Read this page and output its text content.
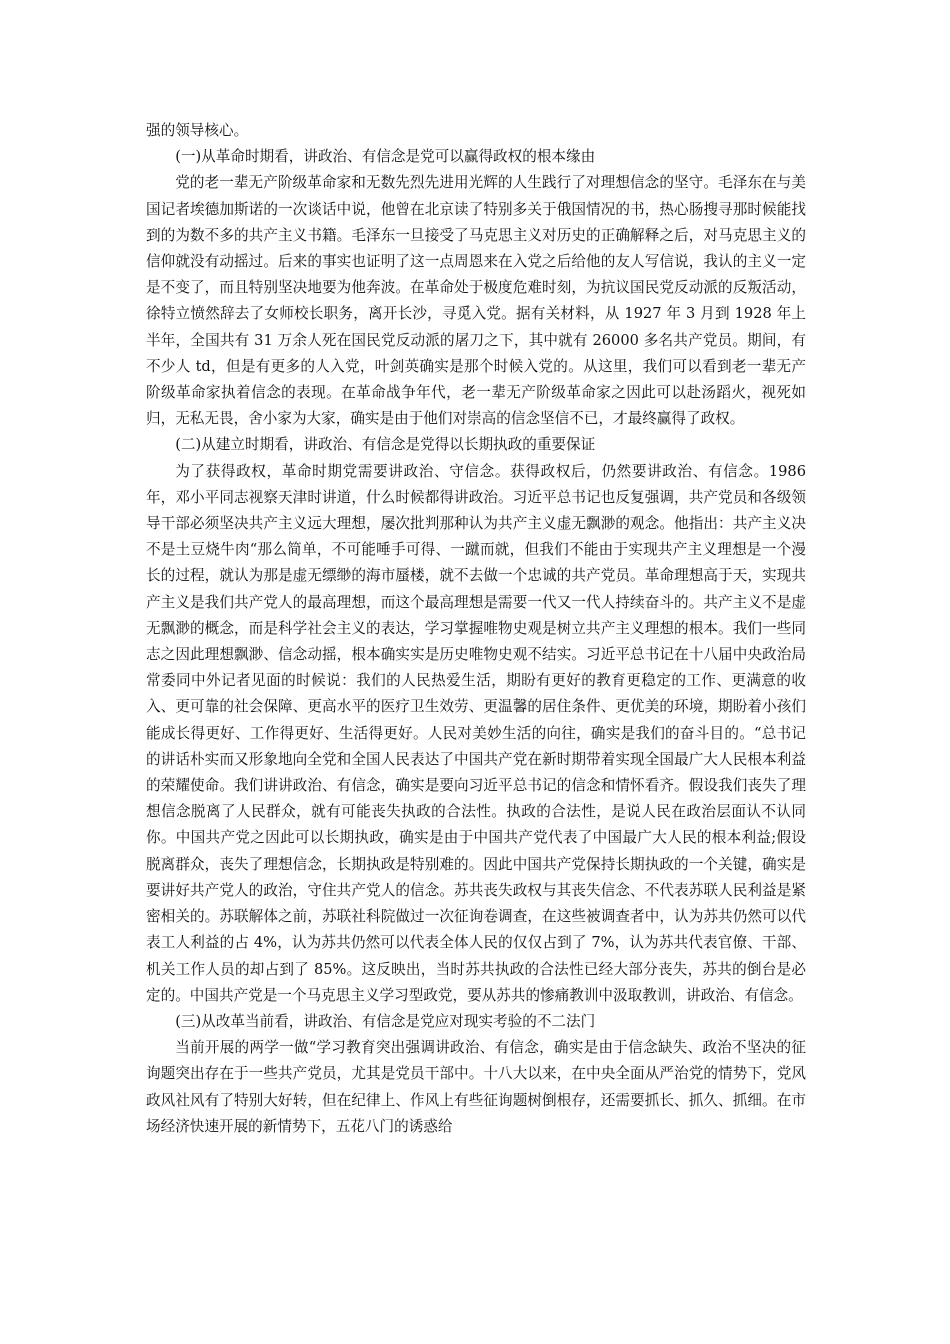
强的领导核心。

(一)从革命时期看，讲政治、有信念是党可以赢得政权的根本缘由

党的老一辈无产阶级革命家和无数先烈先进用光辉的人生践行了对理想信念的坚守。毛泽东在与美国记者埃德加斯诺的一次谈话中说，他曾在北京读了特别多关于俄国情况的书，热心肠搜寻那时候能找到的为数不多的共产主义书籍。毛泽东一旦接受了马克思主义对历史的正确解释之后，对马克思主义的信仰就没有动摇过。后来的事实也证明了这一点周恩来在入党之后给他的友人写信说，我认的主义一定是不变了，而且特别坚决地要为他奔波。在革命处于极度危难时刻，为抗议国民党反动派的反叛活动，徐特立愤然辞去了女师校长职务，离开长沙，寻觅入党。据有关材料，从 1927 年 3 月到 1928 年上半年，全国共有 31 万余人死在国民党反动派的屠刀之下，其中就有 26000 多名共产党员。期间，有不少人 td，但是有更多的人入党，叶剑英确实是那个时候入党的。从这里，我们可以看到老一辈无产阶级革命家执着信念的表现。在革命战争年代，老一辈无产阶级革命家之因此可以赴汤蹈火，视死如归，无私无畏，舍小家为大家，确实是由于他们对崇高的信念坚信不已，才最终赢得了政权。

(二)从建立时期看，讲政治、有信念是党得以长期执政的重要保证

为了获得政权，革命时期党需要讲政治、守信念。获得政权后，仍然要讲政治、有信念。1986 年，邓小平同志视察天津时讲道，什么时候都得讲政治。习近平总书记也反复强调，共产党员和各级领导干部必须坚决共产主义远大理想，屡次批判那种认为共产主义虚无飘渺的观念。他指出：共产主义决不是土豆烧牛肉“那么简单，不可能唾手可得、一蹴而就，但我们不能由于实现共产主义理想是一个漫长的过程，就认为那是虚无缥缈的海市蜃楼，就不去做一个忠诚的共产党员。革命理想高于天，实现共产主义是我们共产党人的最高理想，而这个最高理想是需要一代又一代人持续奋斗的。共产主义不是虚无飘渺的概念，而是科学社会主义的表达，学习掌握唯物史观是树立共产主义理想的根本。我们一些同志之因此理想飘渺、信念动摇，根本确实实是历史唯物史观不结实。习近平总书记在十八届中央政治局常委同中外记者见面的时候说：我们的人民热爱生活，期盼有更好的教育更稳定的工作、更满意的收入、更可靠的社会保障、更高水平的医疗卫生效劳、更温馨的居住条件、更优美的环境，期盼着小孩们能成长得更好、工作得更好、生活得更好。人民对美妙生活的向往，确实是我们的奋斗目的。“总书记的讲话朴实而又形象地向全党和全国人民表达了中国共产党在新时期带着实现全国最广大人民根本利益的荣耀使命。我们讲讲政治、有信念，确实是要向习近平总书记的信念和情怀看齐。假设我们丧失了理想信念脱离了人民群众，就有可能丧失执政的合法性。执政的合法性，是说人民在政治层面认不认同你。中国共产党之因此可以长期执政，确实是由于中国共产党代表了中国最广大人民的根本利益;假设脱离群众，丧失了理想信念，长期执政是特别难的。因此中国共产党保持长期执政的一个关键，确实是要讲好共产党人的政治，守住共产党人的信念。苏共丧失政权与其丧失信念、不代表苏联人民利益是紧密相关的。苏联解体之前，苏联社科院做过一次征询卷调查，在这些被调查者中，认为苏共仍然可以代表工人利益的占 4%，认为苏共仍然可以代表全体人民的仅仅占到了 7%，认为苏共代表官僚、干部、机关工作人员的却占到了 85%。这反映出，当时苏共执政的合法性已经大部分丧失，苏共的倒台是必定的。中国共产党是一个马克思主义学习型政党，要从苏共的惨痛教训中汲取教训，讲政治、有信念。

(三)从改革当前看，讲政治、有信念是党应对现实考验的不二法门

当前开展的两学一做“学习教育突出强调讲政治、有信念，确实是由于信念缺失、政治不坚决的征询题突出存在于一些共产党员，尤其是党员干部中。十八大以来，在中央全面从严治党的情势下，党风政风社风有了特别大好转，但在纪律上、作风上有些征询题树倒根存，还需要抓长、抓久、抓细。在市场经济快速开展的新情势下，五花八门的诱惑给
